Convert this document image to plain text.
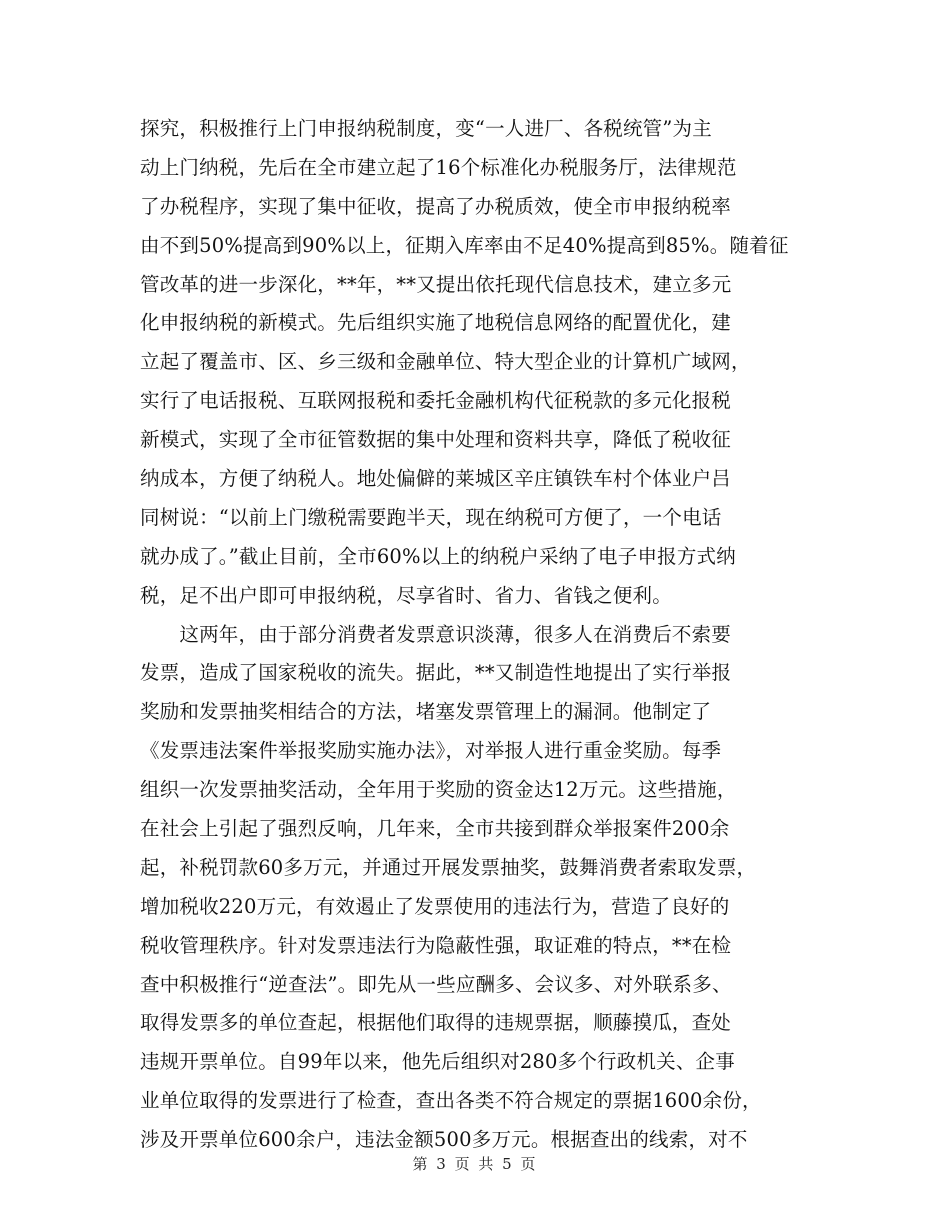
探究，积极推行上门申报纳税制度，变“一人进厂、各税统管”为主
动上门纳税，先后在全市建立起了16个标准化办税服务厅，法律规范
了办税程序，实现了集中征收，提高了办税质效，使全市申报纳税率
由不到50%提高到90%以上，征期入库率由不足40%提高到85%。随着征
管改革的进一步深化，**年，**又提出依托现代信息技术，建立多元
化申报纳税的新模式。先后组织实施了地税信息网络的配置优化，建
立起了覆盖市、区、乡三级和金融单位、特大型企业的计算机广域网，
实行了电话报税、互联网报税和委托金融机构代征税款的多元化报税
新模式，实现了全市征管数据的集中处理和资料共享，降低了税收征
纳成本，方便了纳税人。地处偏僻的莱城区辛庄镇铁车村个体业户吕
同树说：“以前上门缴税需要跑半天，现在纳税可方便了，一个电话
就办成了。”截止目前，全市60%以上的纳税户采纳了电子申报方式纳
税，足不出户即可申报纳税，尽享省时、省力、省钱之便利。
　　这两年，由于部分消费者发票意识淡薄，很多人在消费后不索要
发票，造成了国家税收的流失。据此，**又制造性地提出了实行举报
奖励和发票抽奖相结合的方法，堵塞发票管理上的漏洞。他制定了
《发票违法案件举报奖励实施办法》，对举报人进行重金奖励。每季
组织一次发票抽奖活动，全年用于奖励的资金达12万元。这些措施，
在社会上引起了强烈反响，几年来，全市共接到群众举报案件200余
起，补税罚款60多万元，并通过开展发票抽奖，鼓舞消费者索取发票，
增加税收220万元，有效遏止了发票使用的违法行为，营造了良好的
税收管理秩序。针对发票违法行为隐蔽性强，取证难的特点，**在检
查中积极推行“逆查法”。即先从一些应酬多、会议多、对外联系多、
取得发票多的单位查起，根据他们取得的违规票据，顺藤摸瓜，查处
违规开票单位。自99年以来，他先后组织对280多个行政机关、企事
业单位取得的发票进行了检查，查出各类不符合规定的票据1600余份，
涉及开票单位600余户，违法金额500多万元。根据查出的线索，对不
第 3 页 共 5 页
